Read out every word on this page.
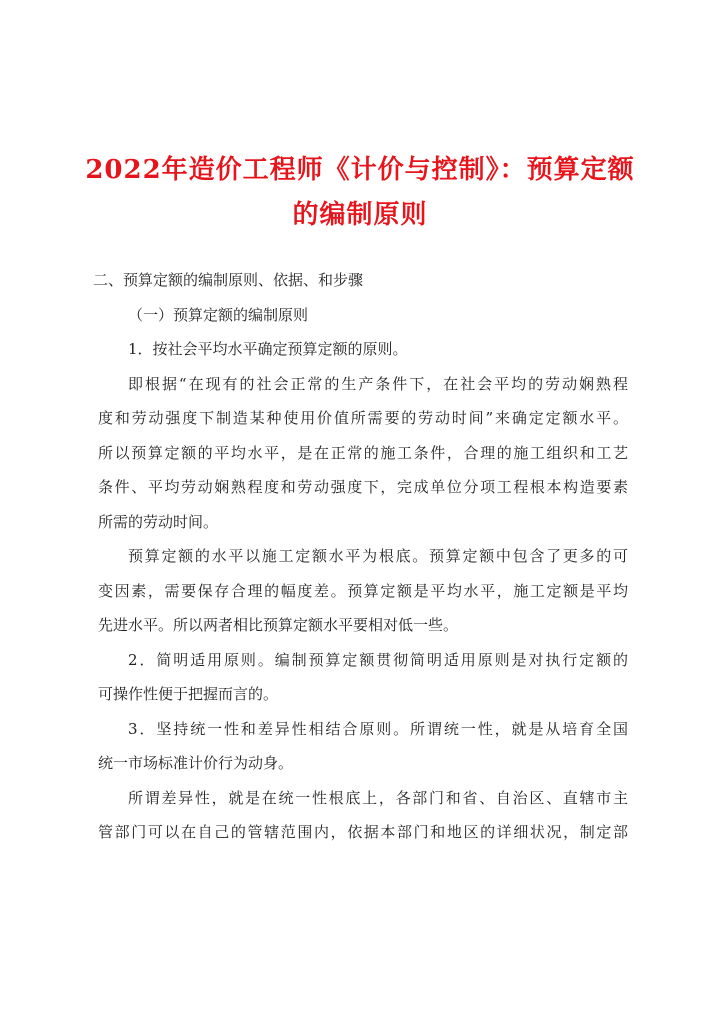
2022年造价工程师《计价与控制》：预算定额
的编制原则
二、预算定额的编制原则、依据、和步骤
（一）预算定额的编制原则
1．按社会平均水平确定预算定额的原则。
即根据“在现有的社会正常的生产条件下，在社会平均的劳动娴熟程
度和劳动强度下制造某种使用价值所需要的劳动时间”来确定定额水平。
所以预算定额的平均水平，是在正常的施工条件，合理的施工组织和工艺
条件、平均劳动娴熟程度和劳动强度下，完成单位分项工程根本构造要素
所需的劳动时间。
预算定额的水平以施工定额水平为根底。预算定额中包含了更多的可
变因素，需要保存合理的幅度差。预算定额是平均水平，施工定额是平均
先进水平。所以两者相比预算定额水平要相对低一些。
2．简明适用原则。编制预算定额贯彻简明适用原则是对执行定额的
可操作性便于把握而言的。
3．坚持统一性和差异性相结合原则。所谓统一性，就是从培育全国
统一市场标准计价行为动身。
所谓差异性，就是在统一性根底上，各部门和省、自治区、直辖市主
管部门可以在自己的管辖范围内，依据本部门和地区的详细状况，制定部
